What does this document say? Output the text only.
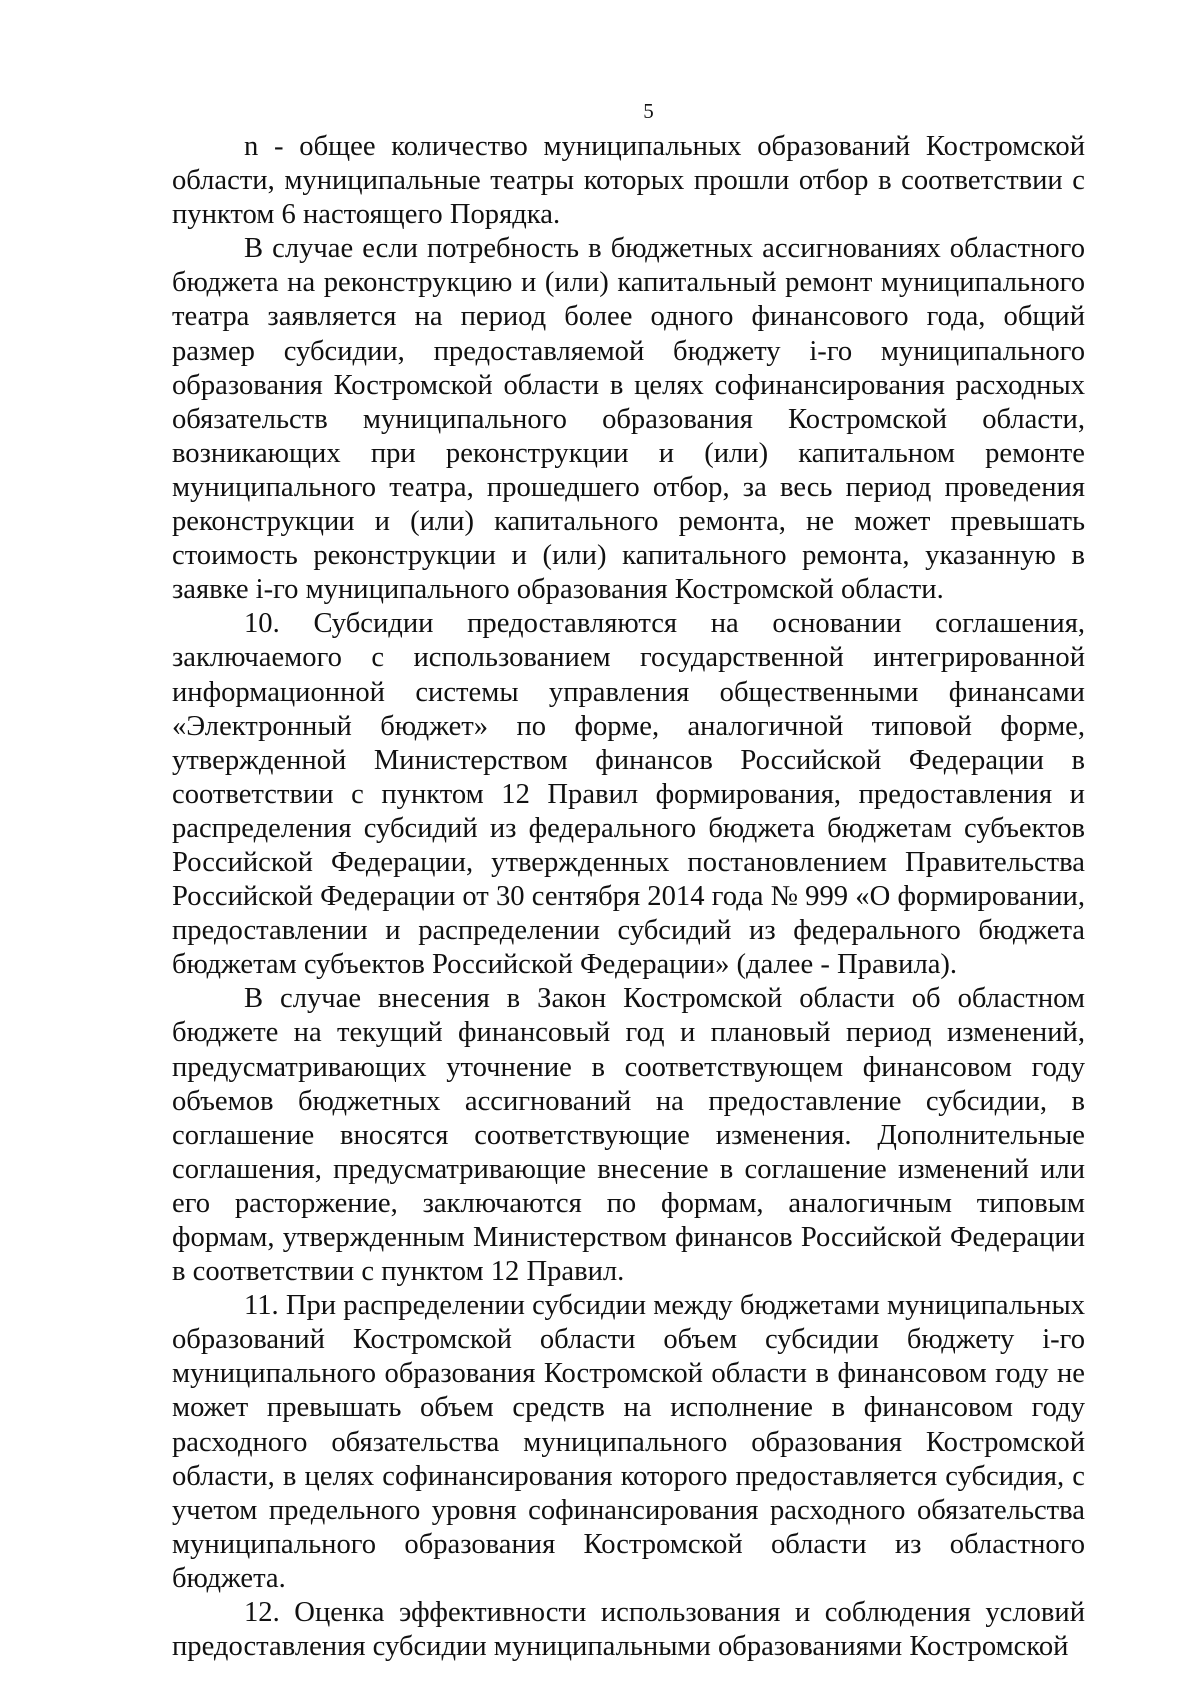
5

n - общее количество муниципальных образований Костромской области, муниципальные театры которых прошли отбор в соответствии с пунктом 6 настоящего Порядка.

В случае если потребность в бюджетных ассигнованиях областного бюджета на реконструкцию и (или) капитальный ремонт муниципального театра заявляется на период более одного финансового года, общий размер субсидии, предоставляемой бюджету i-го муниципального образования Костромской области в целях софинансирования расходных обязательств муниципального образования Костромской области, возникающих при реконструкции и (или) капитальном ремонте муниципального театра, прошедшего отбор, за весь период проведения реконструкции и (или) капитального ремонта, не может превышать стоимость реконструкции и (или) капитального ремонта, указанную в заявке i-го муниципального образования Костромской области.

10. Субсидии предоставляются на основании соглашения, заключаемого с использованием государственной интегрированной информационной системы управления общественными финансами «Электронный бюджет» по форме, аналогичной типовой форме, утвержденной Министерством финансов Российской Федерации в соответствии с пунктом 12 Правил формирования, предоставления и распределения субсидий из федерального бюджета бюджетам субъектов Российской Федерации, утвержденных постановлением Правительства Российской Федерации от 30 сентября 2014 года № 999 «О формировании, предоставлении и распределении субсидий из федерального бюджета бюджетам субъектов Российской Федерации» (далее - Правила).

В случае внесения в Закон Костромской области об областном бюджете на текущий финансовый год и плановый период изменений, предусматривающих уточнение в соответствующем финансовом году объемов бюджетных ассигнований на предоставление субсидии, в соглашение вносятся соответствующие изменения. Дополнительные соглашения, предусматривающие внесение в соглашение изменений или его расторжение, заключаются по формам, аналогичным типовым формам, утвержденным Министерством финансов Российской Федерации в соответствии с пунктом 12 Правил.

11. При распределении субсидии между бюджетами муниципальных образований Костромской области объем субсидии бюджету i-го муниципального образования Костромской области в финансовом году не может превышать объем средств на исполнение в финансовом году расходного обязательства муниципального образования Костромской области, в целях софинансирования которого предоставляется субсидия, с учетом предельного уровня софинансирования расходного обязательства муниципального образования Костромской области из областного бюджета.

12. Оценка эффективности использования и соблюдения условий предоставления субсидии муниципальными образованиями Костромской
